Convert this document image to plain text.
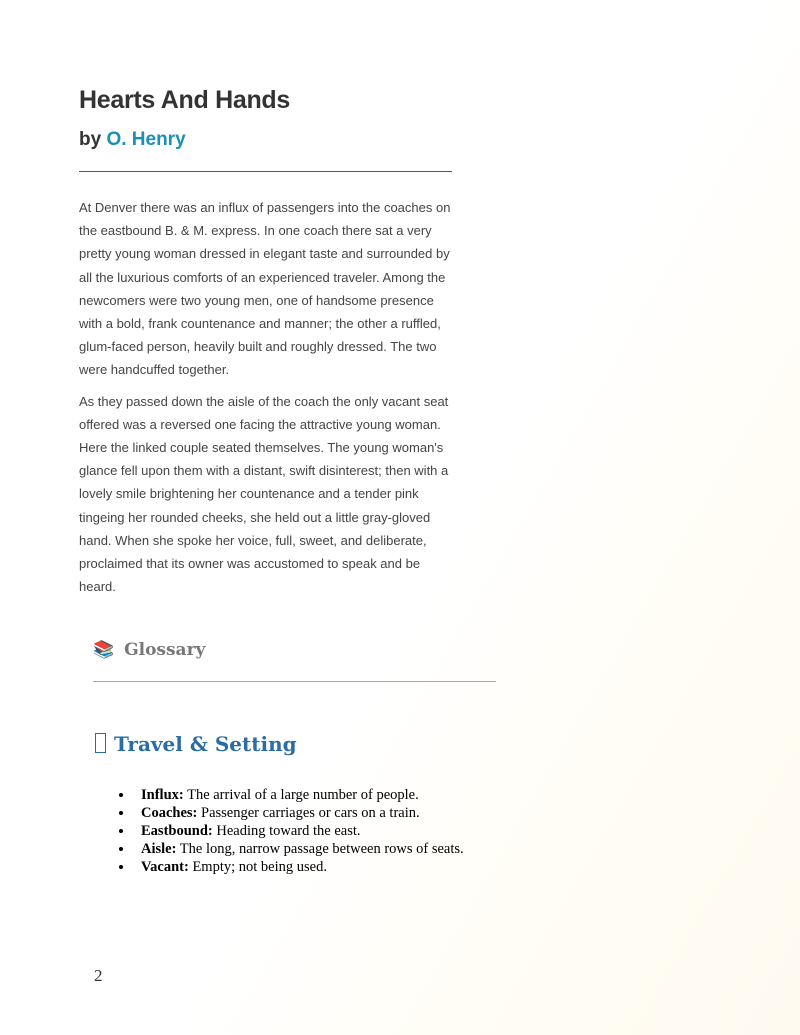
Hearts And Hands

by O. Henry

At Denver there was an influx of passengers into the coaches on the eastbound B. & M. express. In one coach there sat a very pretty young woman dressed in elegant taste and surrounded by all the luxurious comforts of an experienced traveler. Among the newcomers were two young men, one of handsome presence with a bold, frank countenance and manner; the other a ruffled, glum-faced person, heavily built and roughly dressed. The two were handcuffed together.

As they passed down the aisle of the coach the only vacant seat offered was a reversed one facing the attractive young woman. Here the linked couple seated themselves. The young woman's glance fell upon them with a distant, swift disinterest; then with a lovely smile brightening her countenance and a tender pink tingeing her rounded cheeks, she held out a little gray-gloved hand. When she spoke her voice, full, sweet, and deliberate, proclaimed that its owner was accustomed to speak and be heard.

📚 Glossary
Travel & Setting
Influx: The arrival of a large number of people.
Coaches: Passenger carriages or cars on a train.
Eastbound: Heading toward the east.
Aisle: The long, narrow passage between rows of seats.
Vacant: Empty; not being used.
2
